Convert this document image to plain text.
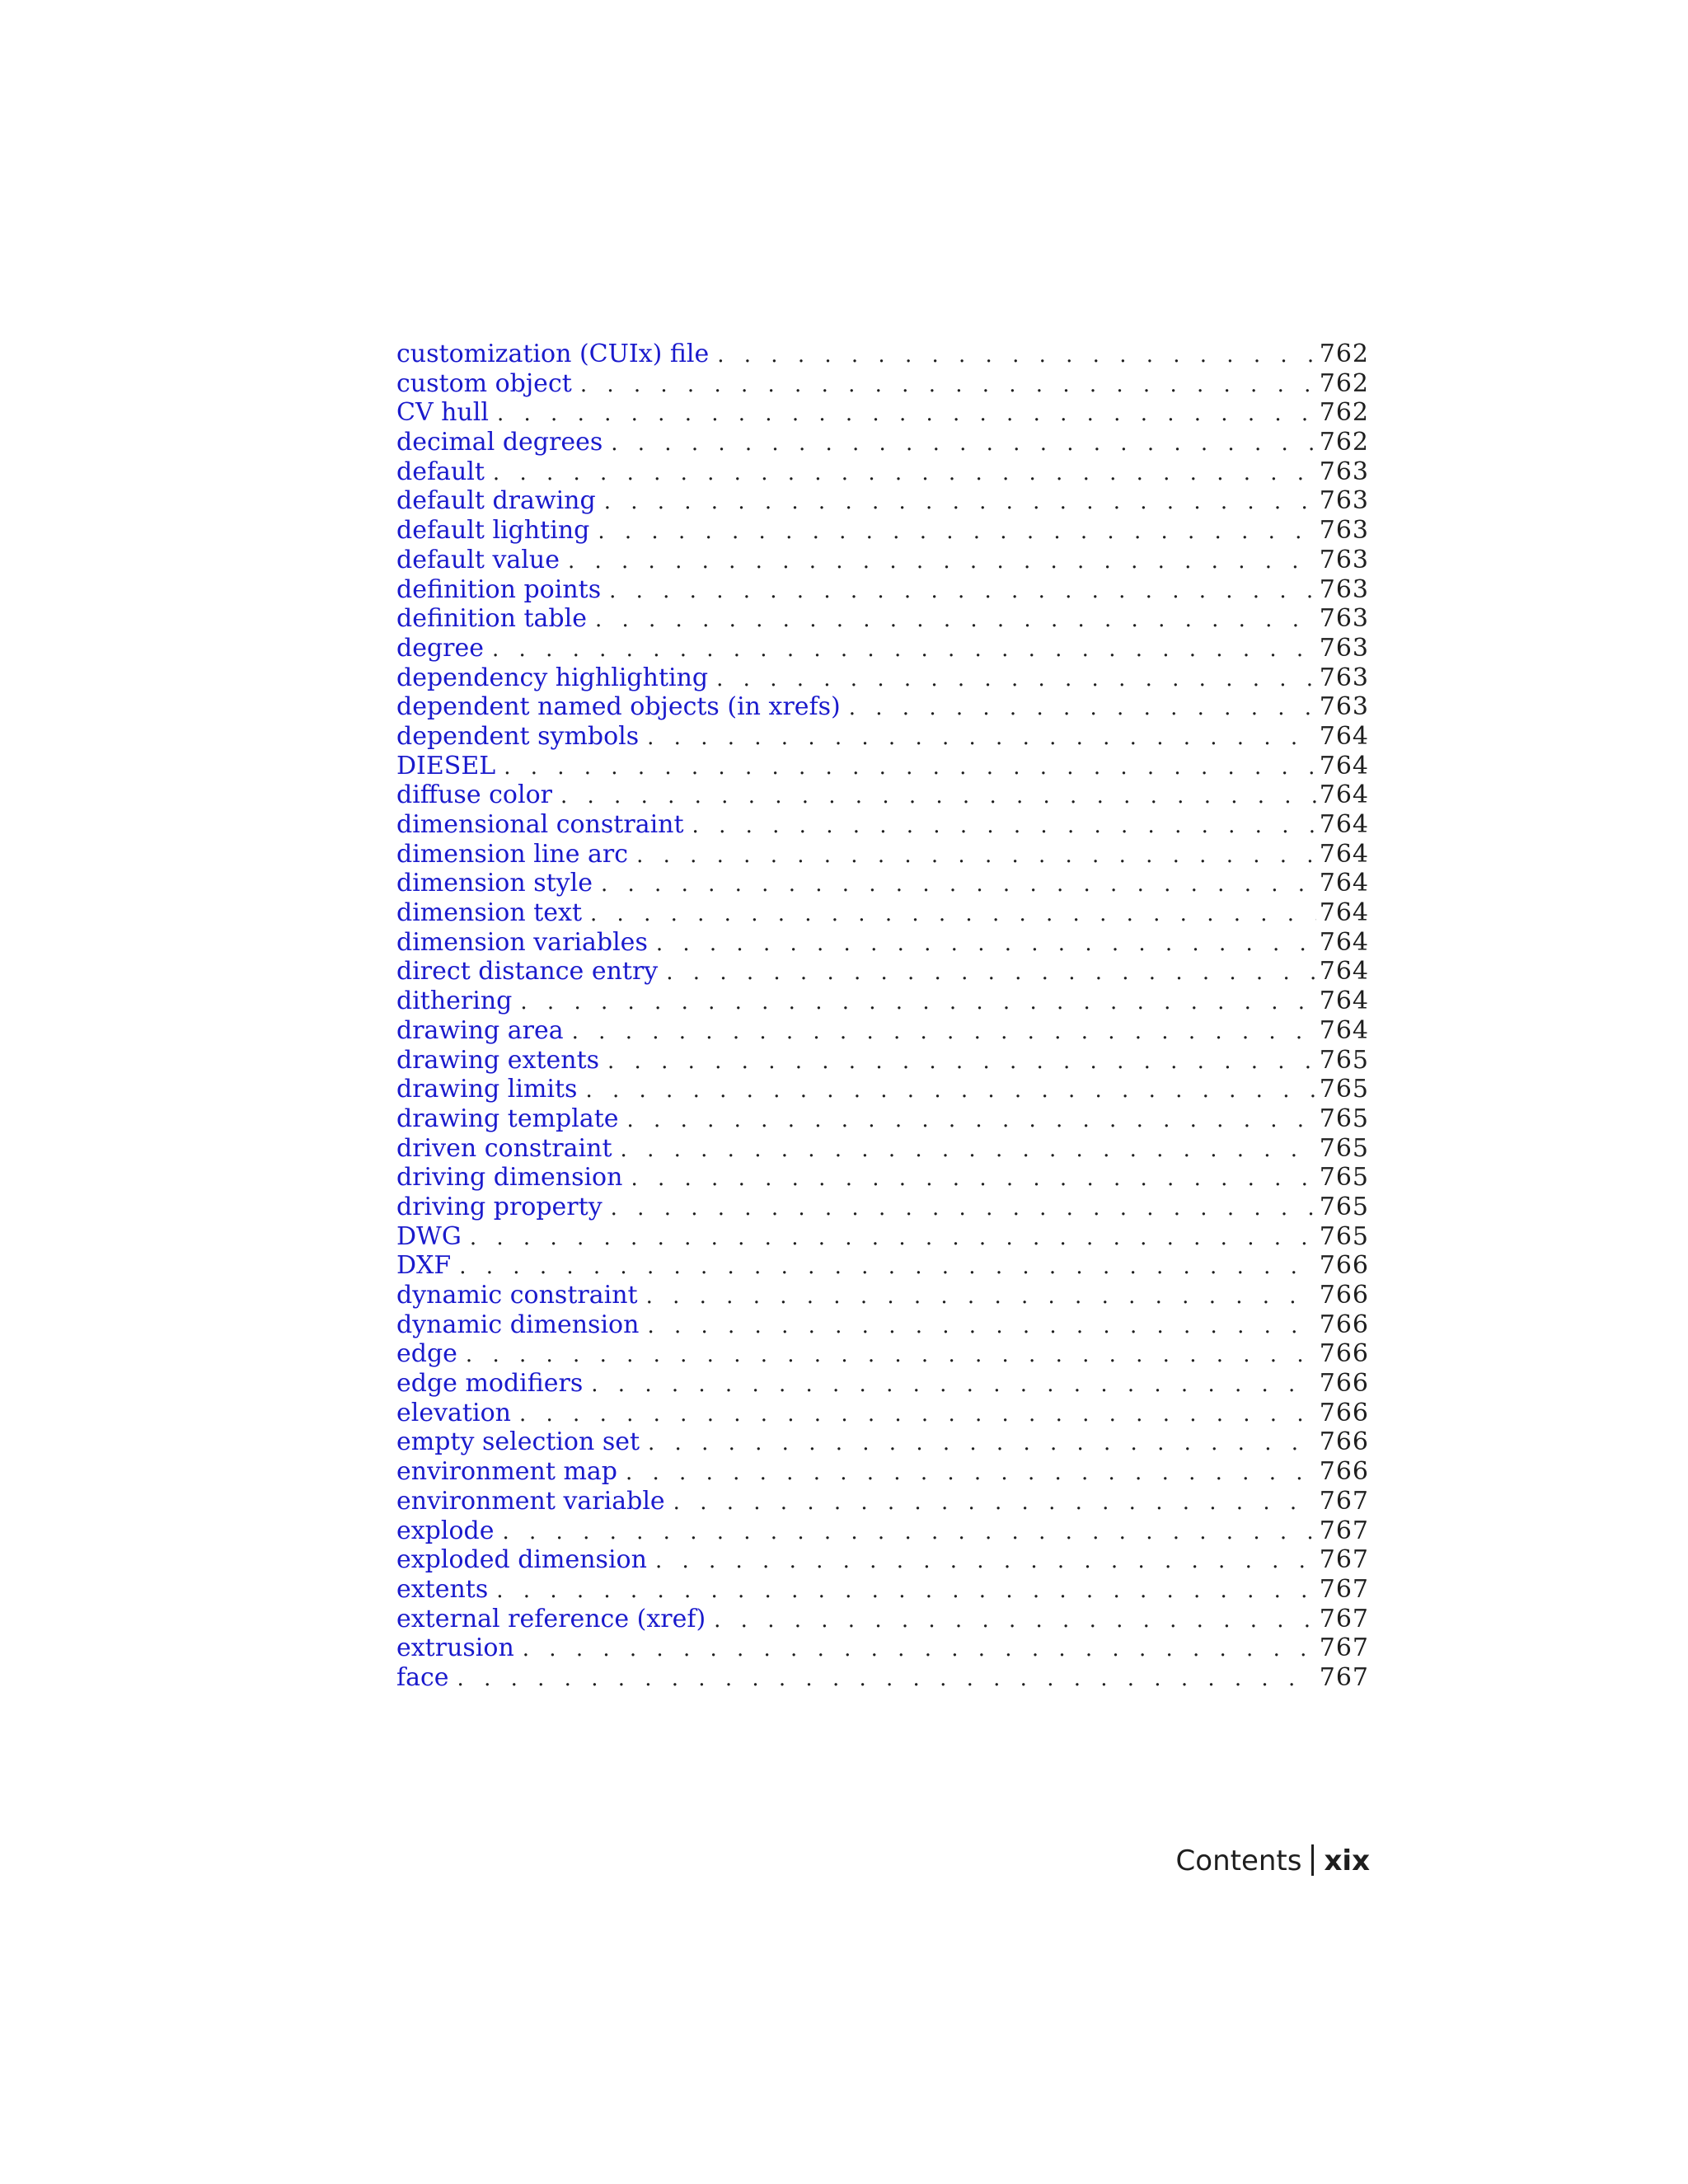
customization (CUIx) file . . .	762
custom object . . .	762
CV hull . . .	762
decimal degrees . . .	762
default . . .	763
default drawing . . .	763
default lighting . . .	763
default value . . .	763
definition points . . .	763
definition table . . .	763
degree . . .	763
dependency highlighting . . .	763
dependent named objects (in xrefs) . . .	763
dependent symbols . . .	764
DIESEL . . .	764
diffuse color . . .	764
dimensional constraint . . .	764
dimension line arc . . .	764
dimension style . . .	764
dimension text . . .	764
dimension variables . . .	764
direct distance entry . . .	764
dithering . . .	764
drawing area . . .	764
drawing extents . . .	765
drawing limits . . .	765
drawing template . . .	765
driven constraint . . .	765
driving dimension . . .	765
driving property . . .	765
DWG . . .	765
DXF . . .	766
dynamic constraint . . .	766
dynamic dimension . . .	766
edge . . .	766
edge modifiers . . .	766
elevation . . .	766
empty selection set . . .	766
environment map . . .	766
environment variable . . .	767
explode . . .	767
exploded dimension . . .	767
extents . . .	767
external reference (xref) . . .	767
extrusion . . .	767
face . . .	767
Contents xix
